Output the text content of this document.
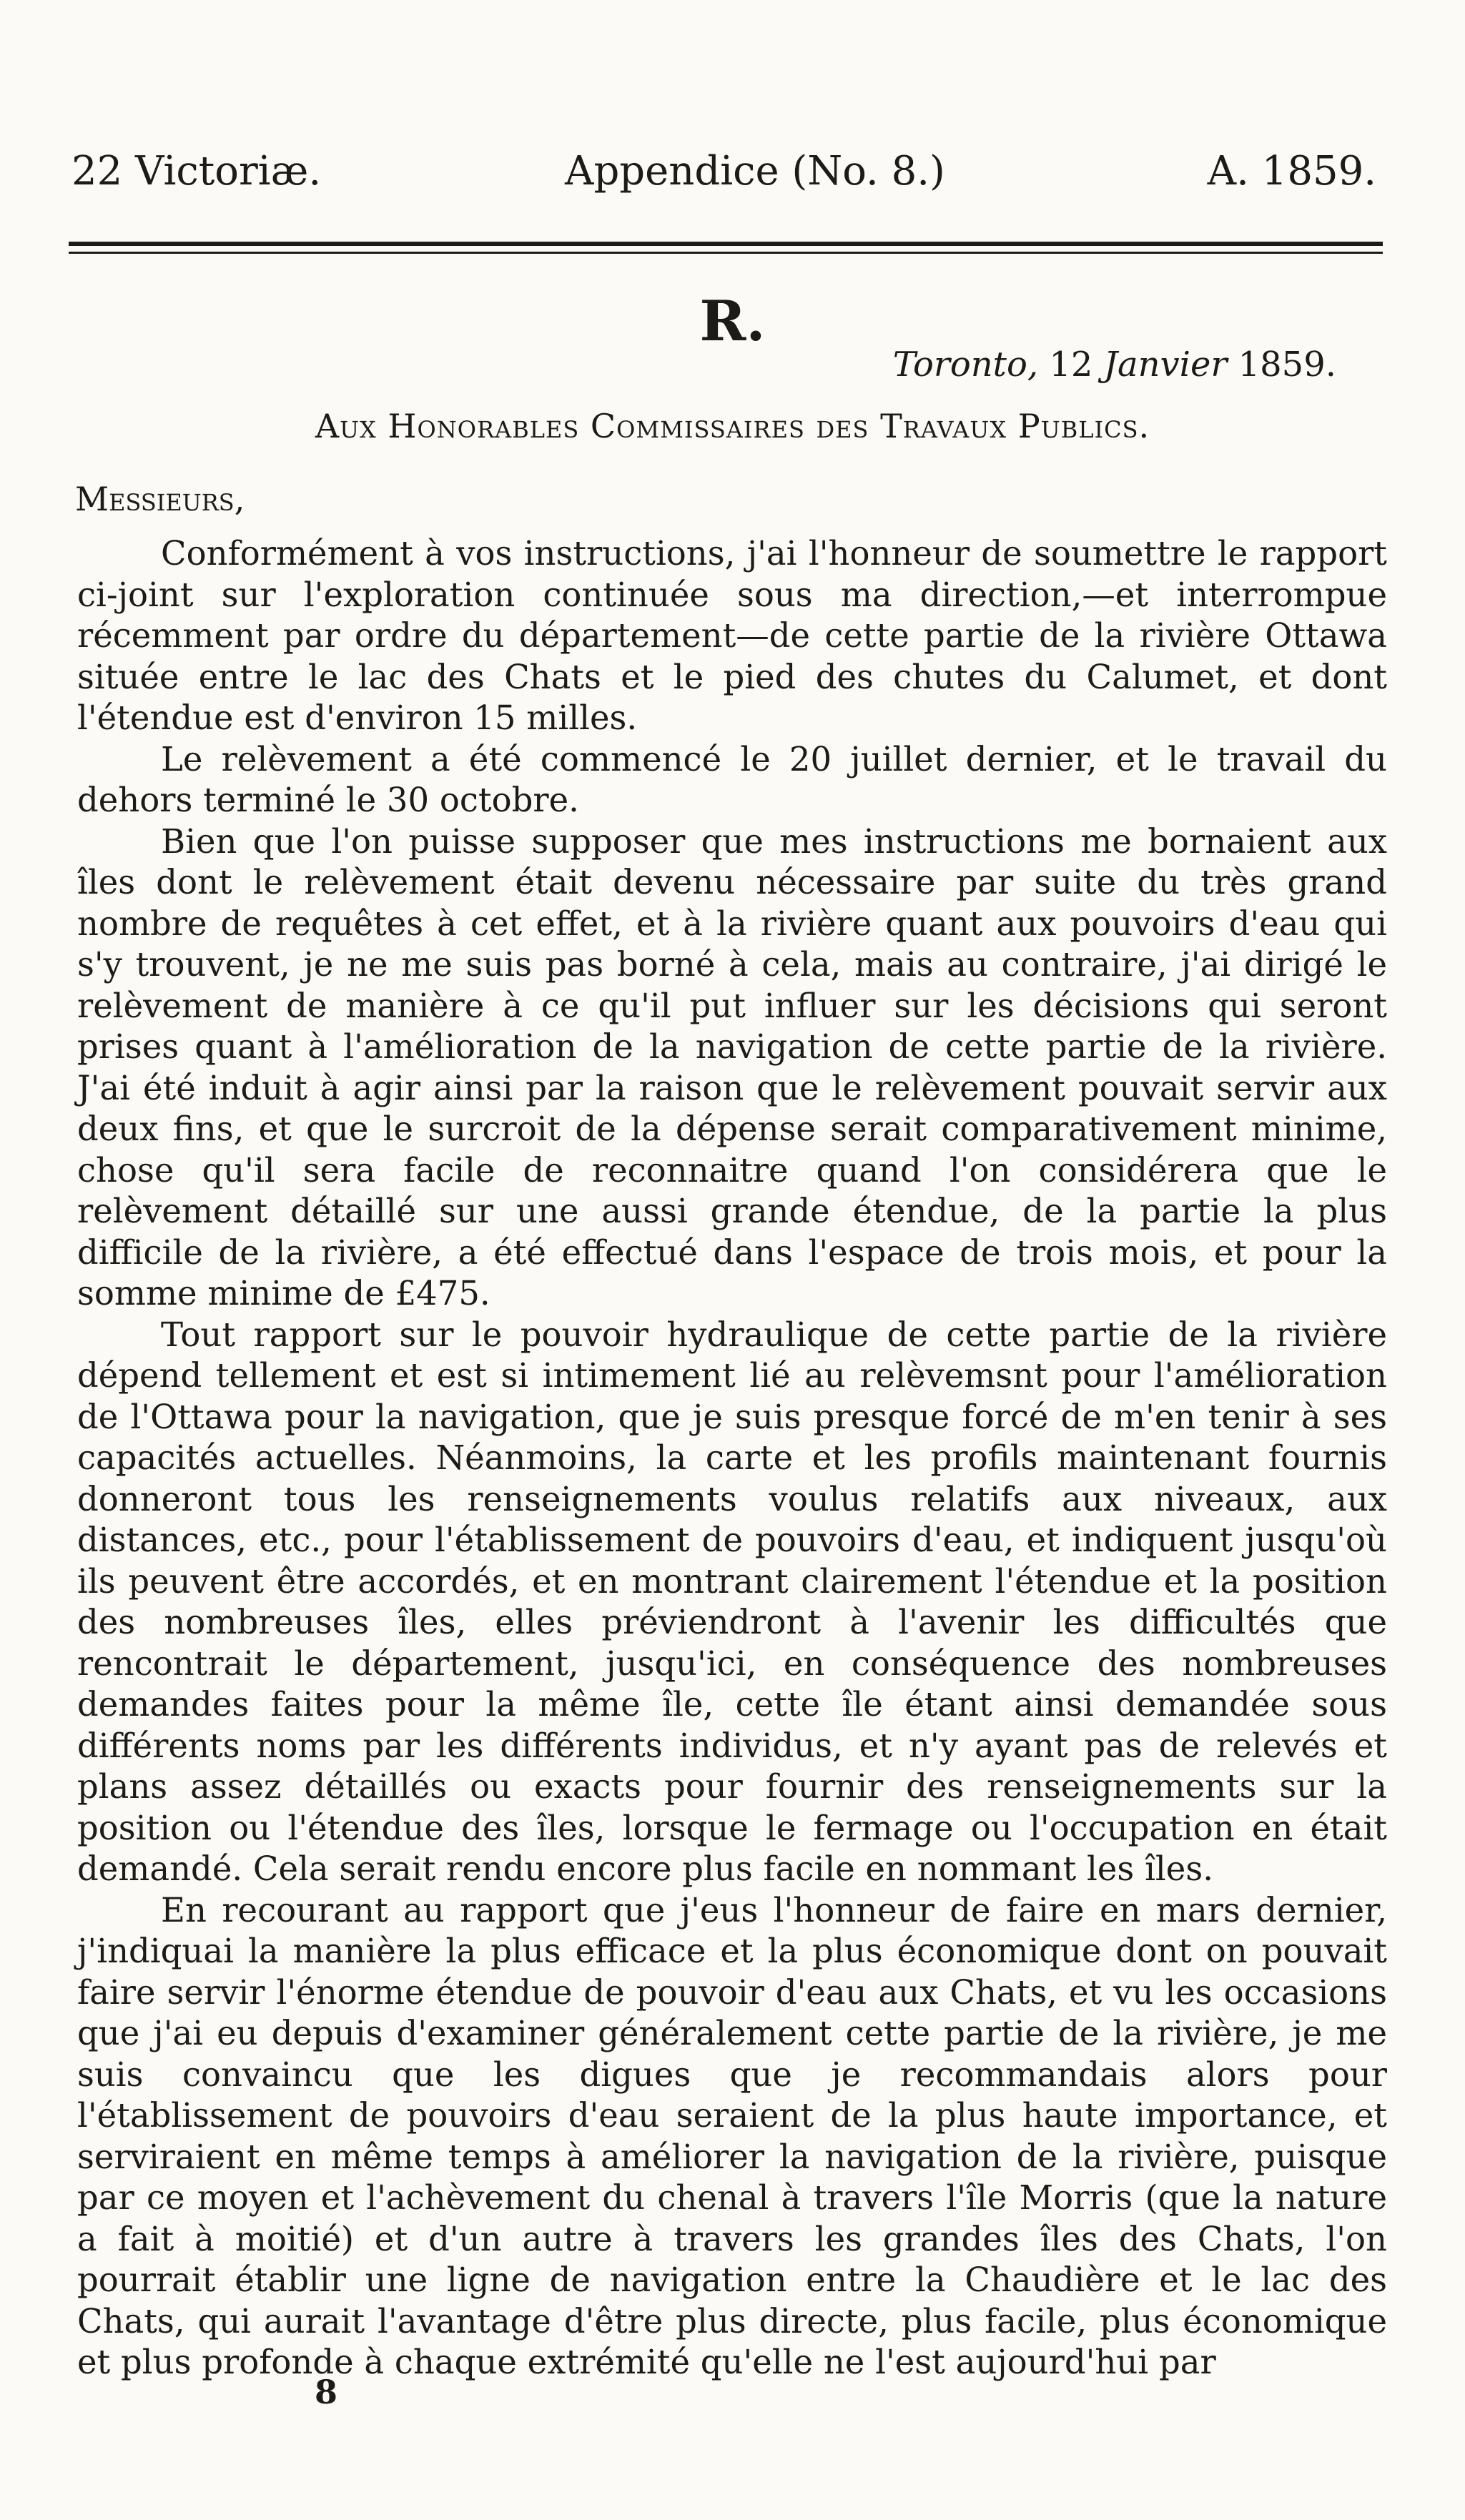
22 Victoriæ.	Appendice (No. 8.)	A. 1859.
R.
Toronto, 12 Janvier 1859.
Aux Honorables Commissaires des Travaux Publics.
Messieurs,

Conformément à vos instructions, j'ai l'honneur de soumettre le rapport ci-joint sur l'exploration continuée sous ma direction,—et interrompue récemment par ordre du département—de cette partie de la rivière Ottawa située entre le lac des Chats et le pied des chutes du Calumet, et dont l'étendue est d'environ 15 milles.

Le relèvement a été commencé le 20 juillet dernier, et le travail du dehors terminé le 30 octobre.

Bien que l'on puisse supposer que mes instructions me bornaient aux îles dont le relèvement était devenu nécessaire par suite du très grand nombre de requêtes à cet effet, et à la rivière quant aux pouvoirs d'eau qui s'y trouvent, je ne me suis pas borné à cela, mais au contraire, j'ai dirigé le relèvement de manière à ce qu'il put influer sur les décisions qui seront prises quant à l'amélioration de la navigation de cette partie de la rivière. J'ai été induit à agir ainsi par la raison que le relèvement pouvait servir aux deux fins, et que le surcroit de la dépense serait comparativement minime, chose qu'il sera facile de reconnaitre quand l'on considérera que le relèvement détaillé sur une aussi grande étendue, de la partie la plus difficile de la rivière, a été effectué dans l'espace de trois mois, et pour la somme minime de £475.

Tout rapport sur le pouvoir hydraulique de cette partie de la rivière dépend tellement et est si intimement lié au relèvemsnt pour l'amélioration de l'Ottawa pour la navigation, que je suis presque forcé de m'en tenir à ses capacités actuelles. Néanmoins, la carte et les profils maintenant fournis donneront tous les renseignements voulus relatifs aux niveaux, aux distances, etc., pour l'établissement de pouvoirs d'eau, et indiquent jusqu'où ils peuvent être accordés, et en montrant clairement l'étendue et la position des nombreuses îles, elles préviendront à l'avenir les difficultés que rencontrait le département, jusqu'ici, en conséquence des nombreuses demandes faites pour la même île, cette île étant ainsi demandée sous différents noms par les différents individus, et n'y ayant pas de relevés et plans assez détaillés ou exacts pour fournir des renseignements sur la position ou l'étendue des îles, lorsque le fermage ou l'occupation en était demandé. Cela serait rendu encore plus facile en nommant les îles.

En recourant au rapport que j'eus l'honneur de faire en mars dernier, j'indiquai la manière la plus efficace et la plus économique dont on pouvait faire servir l'énorme étendue de pouvoir d'eau aux Chats, et vu les occasions que j'ai eu depuis d'examiner généralement cette partie de la rivière, je me suis convaincu que les digues que je recommandais alors pour l'établissement de pouvoirs d'eau seraient de la plus haute importance, et serviraient en même temps à améliorer la navigation de la rivière, puisque par ce moyen et l'achèvement du chenal à travers l'île Morris (que la nature a fait à moitié) et d'un autre à travers les grandes îles des Chats, l'on pourrait établir une ligne de navigation entre la Chaudière et le lac des Chats, qui aurait l'avantage d'être plus directe, plus facile, plus économique et plus profonde à chaque extrémité qu'elle ne l'est aujourd'hui par

8
